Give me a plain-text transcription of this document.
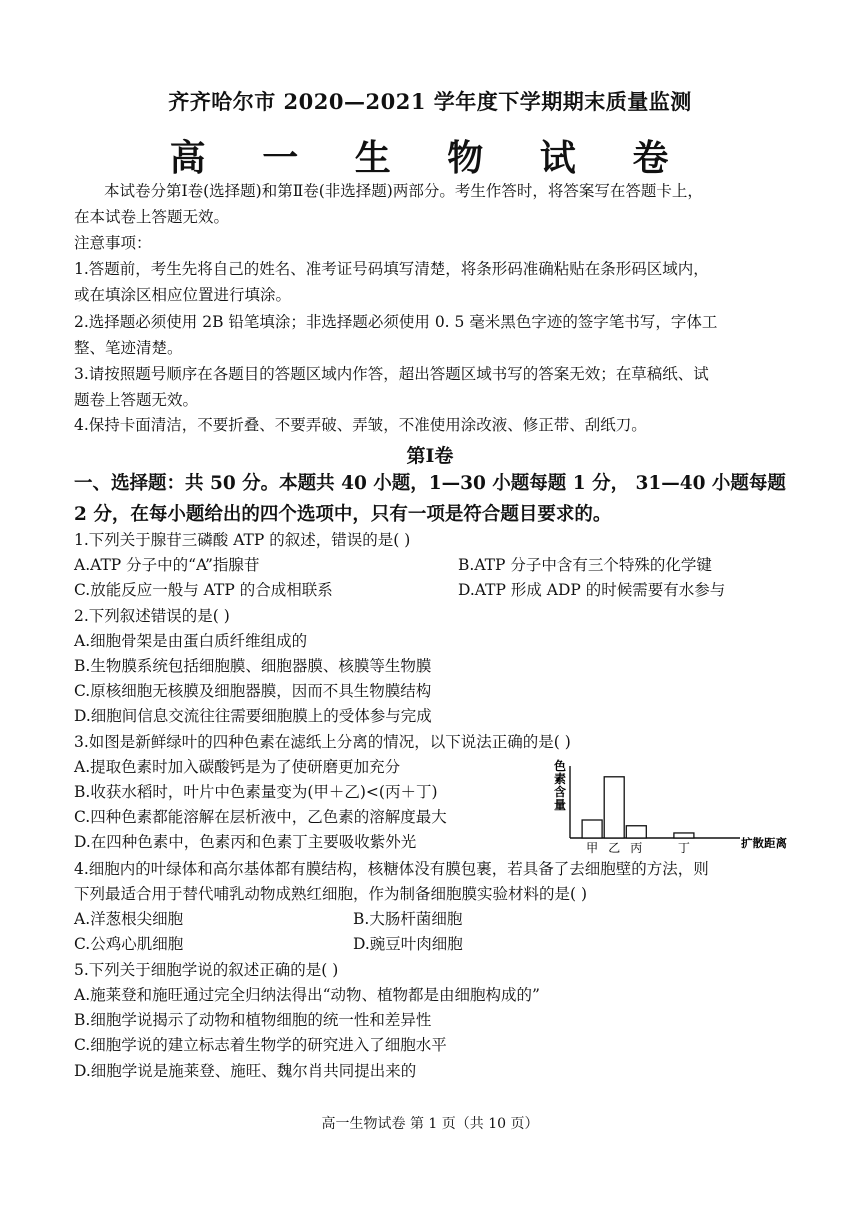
齐齐哈尔市 2020—2021 学年度下学期期末质量监测
高 一 生 物 试 卷
本试卷分第Ⅰ卷(选择题)和第Ⅱ卷(非选择题)两部分。考生作答时，将答案写在答题卡上，
在本试卷上答题无效。
注意事项：
1.答题前，考生先将自己的姓名、准考证号码填写清楚，将条形码准确粘贴在条形码区域内，
或在填涂区相应位置进行填涂。
2.选择题必须使用 2B 铅笔填涂；非选择题必须使用 0. 5 毫米黑色字迹的签字笔书写，字体工
整、笔迹清楚。
3.请按照题号顺序在各题目的答题区域内作答，超出答题区域书写的答案无效；在草稿纸、试
题卷上答题无效。
4.保持卡面清洁，不要折叠、不要弄破、弄皱，不准使用涂改液、修正带、刮纸刀。
第Ⅰ卷
一、选择题：共 50 分。本题共 40 小题，1—30 小题每题 1 分， 31—40 小题每题
2 分，在每小题给出的四个选项中，只有一项是符合题目要求的。
1.下列关于腺苷三磷酸 ATP 的叙述，错误的是( )
A.ATP 分子中的“A”指腺苷	B.ATP 分子中含有三个特殊的化学键
C.放能反应一般与 ATP 的合成相联系	D.ATP 形成 ADP 的时候需要有水参与
2.下列叙述错误的是( )
A.细胞骨架是由蛋白质纤维组成的
B.生物膜系统包括细胞膜、细胞器膜、核膜等生物膜
C.原核细胞无核膜及细胞器膜，因而不具生物膜结构
D.细胞间信息交流往往需要细胞膜上的受体参与完成
3.如图是新鲜绿叶的四种色素在滤纸上分离的情况，以下说法正确的是( )
A.提取色素时加入碳酸钙是为了使研磨更加充分
B.收获水稻时，叶片中色素量变为(甲＋乙)<(丙＋丁)
C.四种色素都能溶解在层析液中，乙色素的溶解度最大
D.在四种色素中，色素丙和色素丁主要吸收紫外光
色
素
含
量
扩散距离
甲 乙 丙	丁
4.细胞内的叶绿体和高尔基体都有膜结构，核糖体没有膜包裹，若具备了去细胞壁的方法，则
下列最适合用于替代哺乳动物成熟红细胞，作为制备细胞膜实验材料的是( )
A.洋葱根尖细胞	B.大肠杆菌细胞
C.公鸡心肌细胞	D.豌豆叶肉细胞
5.下列关于细胞学说的叙述正确的是( )
A.施莱登和施旺通过完全归纳法得出“动物、植物都是由细胞构成的”
B.细胞学说揭示了动物和植物细胞的统一性和差异性
C.细胞学说的建立标志着生物学的研究进入了细胞水平
D.细胞学说是施莱登、施旺、魏尔肖共同提出来的
高一生物试卷 第 1 页（共 10 页）
